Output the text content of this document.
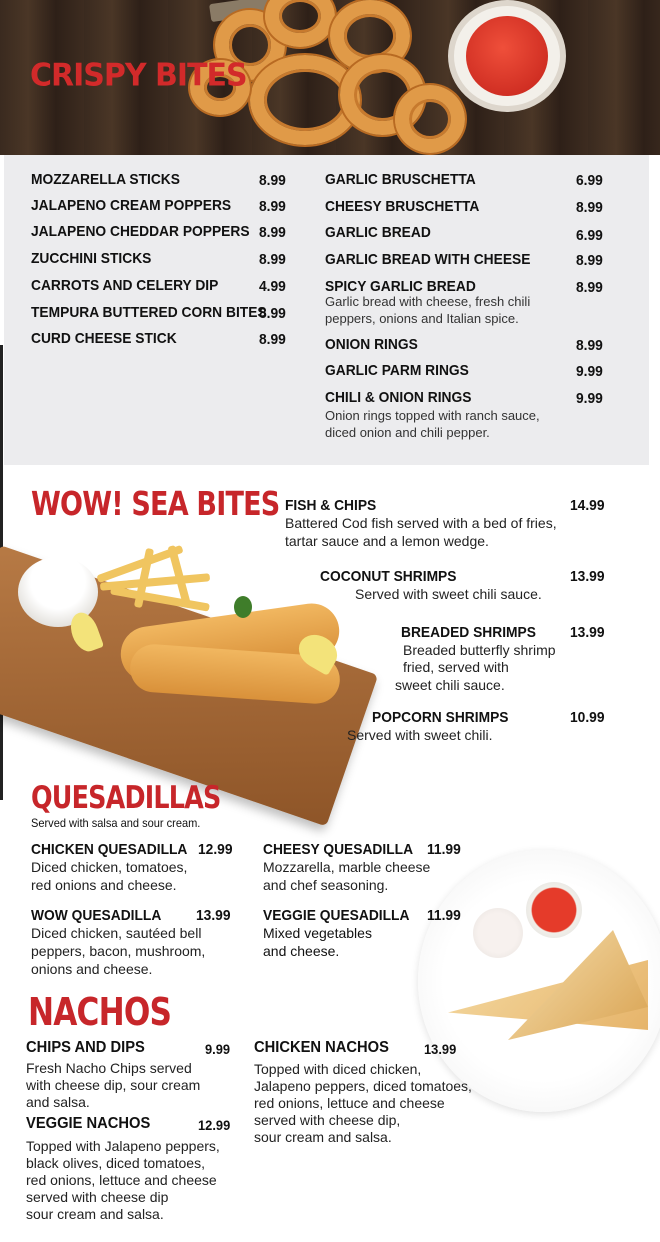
CRISPY BITES
MOZZARELLA STICKS	8.99
JALAPENO CREAM POPPERS 8.99
JALAPENO CHEDDAR POPPERS 8.99
ZUCCHINI STICKS	8.99
CARROTS AND CELERY DIP	4.99
TEMPURA BUTTERED CORN BITES
8.99
CURD CHEESE STICK	8.99
GARLIC BRUSCHETTA	6.99
CHEESY BRUSCHETTA	8.99
GARLIC BREAD	6.99
GARLIC BREAD WITH CHEESE	8.99
SPICY GARLIC BREAD	8.99
Garlic bread with cheese, fresh chili
peppers, onions and Italian spice.
ONION RINGS	8.99
GARLIC PARM RINGS	9.99
CHILI & ONION RINGS	9.99
Onion rings topped with ranch sauce,
diced onion and chili pepper.
WOW! SEA BITES FISH & CHIPS	14.99
Battered Cod fish served with a bed of fries,
tartar sauce and a lemon wedge.
COCONUT SHRIMPS	13.99
Served with sweet chili sauce.
BREADED SHRIMPS 13.99
Breaded butterfly shrimp
fried, served with
sweet chili sauce.
POPCORN SHRIMPS	10.99
Served with sweet chili.
QUESADILLAS
Served with salsa and sour cream.
CHICKEN QUESADILLA 12.99
Diced chicken, tomatoes,
red onions and cheese.
CHEESY QUESADILLA 11.99
Mozzarella, marble cheese
and chef seasoning.
WOW QUESADILLA 13.99
Diced chicken, sautéed bell
peppers, bacon, mushroom,
onions and cheese.
VEGGIE QUESADILLA 11.99
Mixed vegetables
and cheese.
NACHOS
CHIPS AND DIPS	9.99
Fresh Nacho Chips served
with cheese dip, sour cream
and salsa.
CHICKEN NACHOS	13.99
Topped with diced chicken,
Jalapeno peppers, diced tomatoes,
red onions, lettuce and cheese
served with cheese dip,
sour cream and salsa.
VEGGIE NACHOS	12.99
Topped with Jalapeno peppers,
black olives, diced tomatoes,
red onions, lettuce and cheese
served with cheese dip
sour cream and salsa.
